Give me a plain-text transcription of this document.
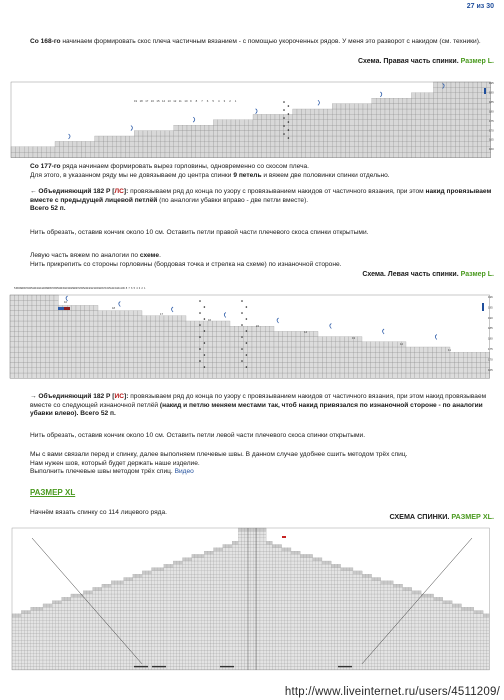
27 из 30
Со 168-го начинаем формировать скос плеча частичным вязанием - с помощью укороченных рядов. У меня это разворот с накидом (см. техники).
Схема. Правая часть спинки. Размер L.
19 18 17 16 15 14 13 12 11 10 9 8 7 6 5 4 3 2 1
195
190
185
180
175
170
165
160
Со 177-го ряда начинаем формировать вырез горловины, одновременно со скосом плеча.
Для этого, в указанном ряду мы не довязываем до центра спинки 9 петель и вяжем две половинки спинки отдельно.
← Объединяющий 182 Р [ЛС]: провязываем ряд до конца по узору с провязыванием накидов от частичного вязания, при этом накид провязываем вместе с предыдущей лицевой петлёй (по аналогии убавки вправо - две петли вместе).
Всего 52 п.
Нить обрезать, оставив кончик около 10 см. Оставить петли правой части плечевого скоса спинки открытыми.
Левую часть вяжем по аналогии по схеме.
Нить прикрепить со стороны горловины (бордовая точка и стрелка на схеме) по изнаночной стороне.
Схема. Левая часть спинки. Размер L.
51 50 49 48 47 46 45 44 43 42 41 40 39 38 37 36 35 34 33 32 31 30 29 28 27 26 25 24 23 22 21 20 19 18 17 16 15 14 13 12 11 10 9 8 7 6 5 4 3 2 1
196
195
190
185
180
175
170
165
10
18
17
16
15
14
13
12
11
→ Объединяющий 182 Р [ИС]: провязываем ряд до конца по узору с провязыванием накидов от частичного вязания, при этом накид провязываем вместе со следующей изнаночной петлёй (накид и петлю меняем местами так, чтоб накид привязался по изнаночной стороне - по аналогии убавки влево). Всего 52 п.
Нить обрезать, оставив кончик около 10 см. Оставить петли левой части плечевого скоса спинки открытыми.
Мы с вами связали перед и спинку, далее выполняем плечевые швы. В данном случае удобнее сшить методом трёх спиц.
Нам нужен шов, который будет держать наше изделие.
Выполнить плечевые швы методом трёх спиц. Видео
РАЗМЕР XL
Начнём вязать спинку со 114 лицевого ряда.	СХЕМА СПИНКИ. РАЗМЕР XL.
http://www.liveinternet.ru/users/4511209/
